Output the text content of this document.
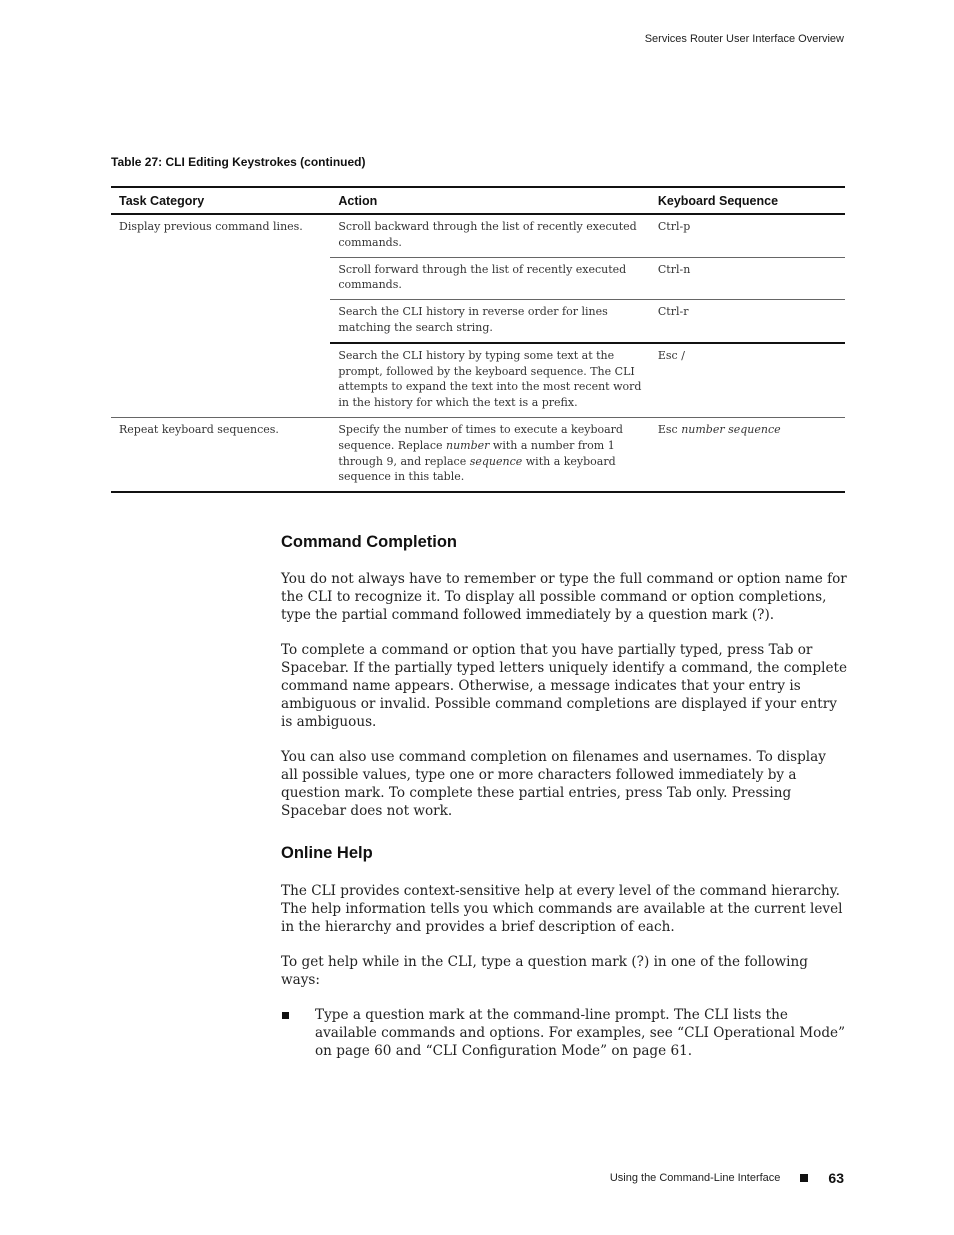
Services Router User Interface Overview
Table 27: CLI Editing Keystrokes (continued)
Task Category	Action	Keyboard Sequence
Display previous command lines.	Scroll backward through the list of recently executed commands.	Ctrl-p
	Scroll forward through the list of recently executed commands.	Ctrl-n
	Search the CLI history in reverse order for lines matching the search string.	Ctrl-r
	Search the CLI history by typing some text at the prompt, followed by the keyboard sequence. The CLI attempts to expand the text into the most recent word in the history for which the text is a prefix.	Esc /
Repeat keyboard sequences.	Specify the number of times to execute a keyboard sequence. Replace number with a number from 1 through 9, and replace sequence with a keyboard sequence in this table.	Esc number sequence
Command Completion

You do not always have to remember or type the full command or option name for the CLI to recognize it. To display all possible command or option completions, type the partial command followed immediately by a question mark (?).

To complete a command or option that you have partially typed, press Tab or Spacebar. If the partially typed letters uniquely identify a command, the complete command name appears. Otherwise, a message indicates that your entry is ambiguous or invalid. Possible command completions are displayed if your entry is ambiguous.

You can also use command completion on filenames and usernames. To display all possible values, type one or more characters followed immediately by a question mark. To complete these partial entries, press Tab only. Pressing Spacebar does not work.

Online Help

The CLI provides context-sensitive help at every level of the command hierarchy. The help information tells you which commands are available at the current level in the hierarchy and provides a brief description of each.

To get help while in the CLI, type a question mark (?) in one of the following ways:

Type a question mark at the command-line prompt. The CLI lists the available commands and options. For examples, see “CLI Operational Mode” on page 60 and “CLI Configuration Mode” on page 61.
Using the Command-Line Interface	63
